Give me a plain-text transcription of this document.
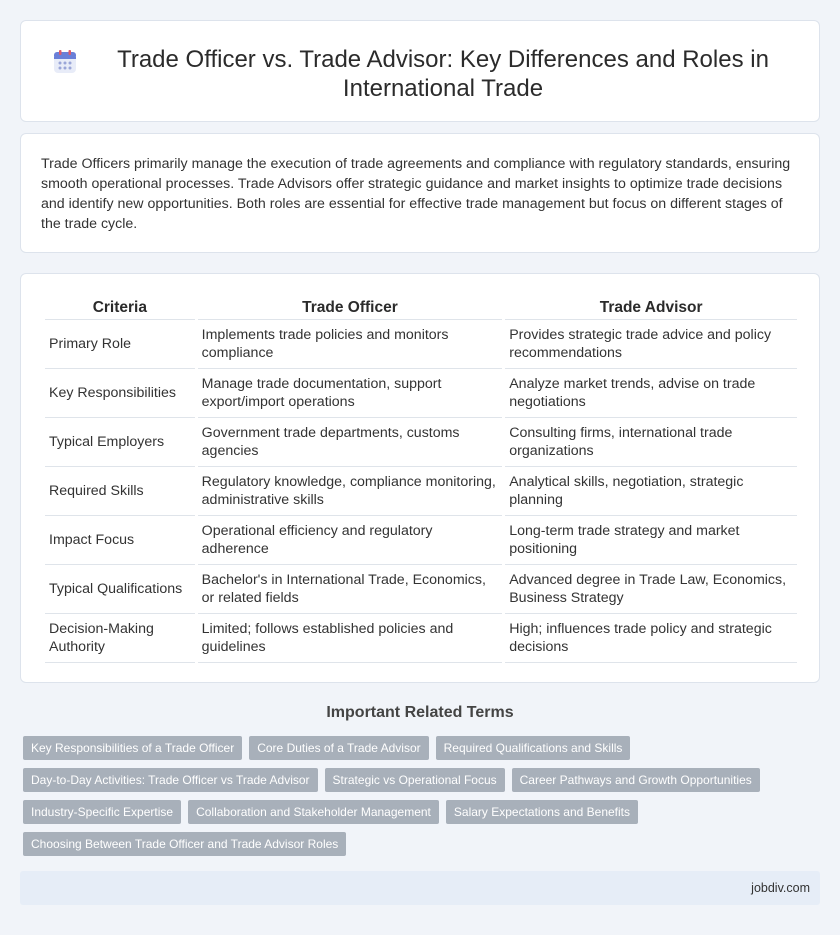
Trade Officer vs. Trade Advisor: Key Differences and Roles in International Trade

Trade Officers primarily manage the execution of trade agreements and compliance with regulatory standards, ensuring smooth operational processes. Trade Advisors offer strategic guidance and market insights to optimize trade decisions and identify new opportunities. Both roles are essential for effective trade management but focus on different stages of the trade cycle.

Criteria	Trade Officer	Trade Advisor
Primary Role	Implements trade policies and monitors compliance	Provides strategic trade advice and policy recommendations
Key Responsibilities	Manage trade documentation, support export/import operations	Analyze market trends, advise on trade negotiations
Typical Employers	Government trade departments, customs agencies	Consulting firms, international trade organizations
Required Skills	Regulatory knowledge, compliance monitoring, administrative skills	Analytical skills, negotiation, strategic planning
Impact Focus	Operational efficiency and regulatory adherence	Long-term trade strategy and market positioning
Typical Qualifications	Bachelor's in International Trade, Economics, or related fields	Advanced degree in Trade Law, Economics, Business Strategy
Decision-Making Authority	Limited; follows established policies and guidelines	High; influences trade policy and strategic decisions
Important Related Terms
Key Responsibilities of a Trade Officer	Core Duties of a Trade Advisor	Required Qualifications and Skills
Day-to-Day Activities: Trade Officer vs Trade Advisor	Strategic vs Operational Focus	Career Pathways and Growth Opportunities
Industry-Specific Expertise	Collaboration and Stakeholder Management	Salary Expectations and Benefits
Choosing Between Trade Officer and Trade Advisor Roles
jobdiv.com
